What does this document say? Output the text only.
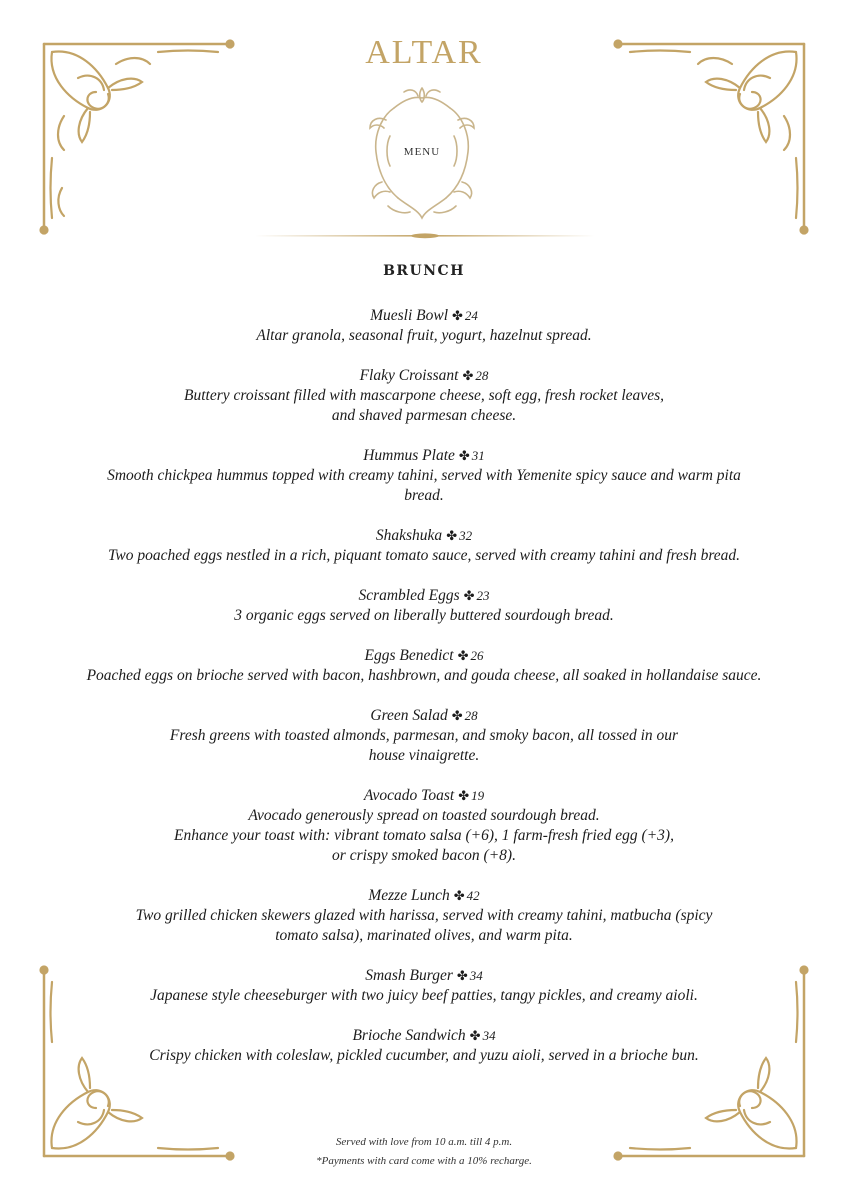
ALTAR
MENU
BRUNCH
Muesli Bowl ✤ 24
Altar granola, seasonal fruit, yogurt, hazelnut spread.
Flaky Croissant ✤ 28
Buttery croissant filled with mascarpone cheese, soft egg, fresh rocket leaves,
and shaved parmesan cheese.
Hummus Plate ✤ 31
Smooth chickpea hummus topped with creamy tahini, served with Yemenite spicy sauce and warm pita
bread.
Shakshuka ✤ 32
Two poached eggs nestled in a rich, piquant tomato sauce, served with creamy tahini and fresh bread.
Scrambled Eggs ✤ 23
3 organic eggs served on liberally buttered sourdough bread.
Eggs Benedict ✤ 26
Poached eggs on brioche served with bacon, hashbrown, and gouda cheese, all soaked in hollandaise sauce.
Green Salad ✤ 28
Fresh greens with toasted almonds, parmesan, and smoky bacon, all tossed in our
house vinaigrette.
Avocado Toast ✤ 19
Avocado generously spread on toasted sourdough bread.
Enhance your toast with: vibrant tomato salsa (+6), 1 farm-fresh fried egg (+3),
or crispy smoked bacon (+8).
Mezze Lunch ✤ 42
Two grilled chicken skewers glazed with harissa, served with creamy tahini, matbucha (spicy
tomato salsa), marinated olives, and warm pita.
Smash Burger ✤ 34
Japanese style cheeseburger with two juicy beef patties, tangy pickles, and creamy aioli.
Brioche Sandwich ✤ 34
Crispy chicken with coleslaw, pickled cucumber, and yuzu aioli, served in a brioche bun.
Served with love from 10 a.m. till 4 p.m.
*Payments with card come with a 10% recharge.
